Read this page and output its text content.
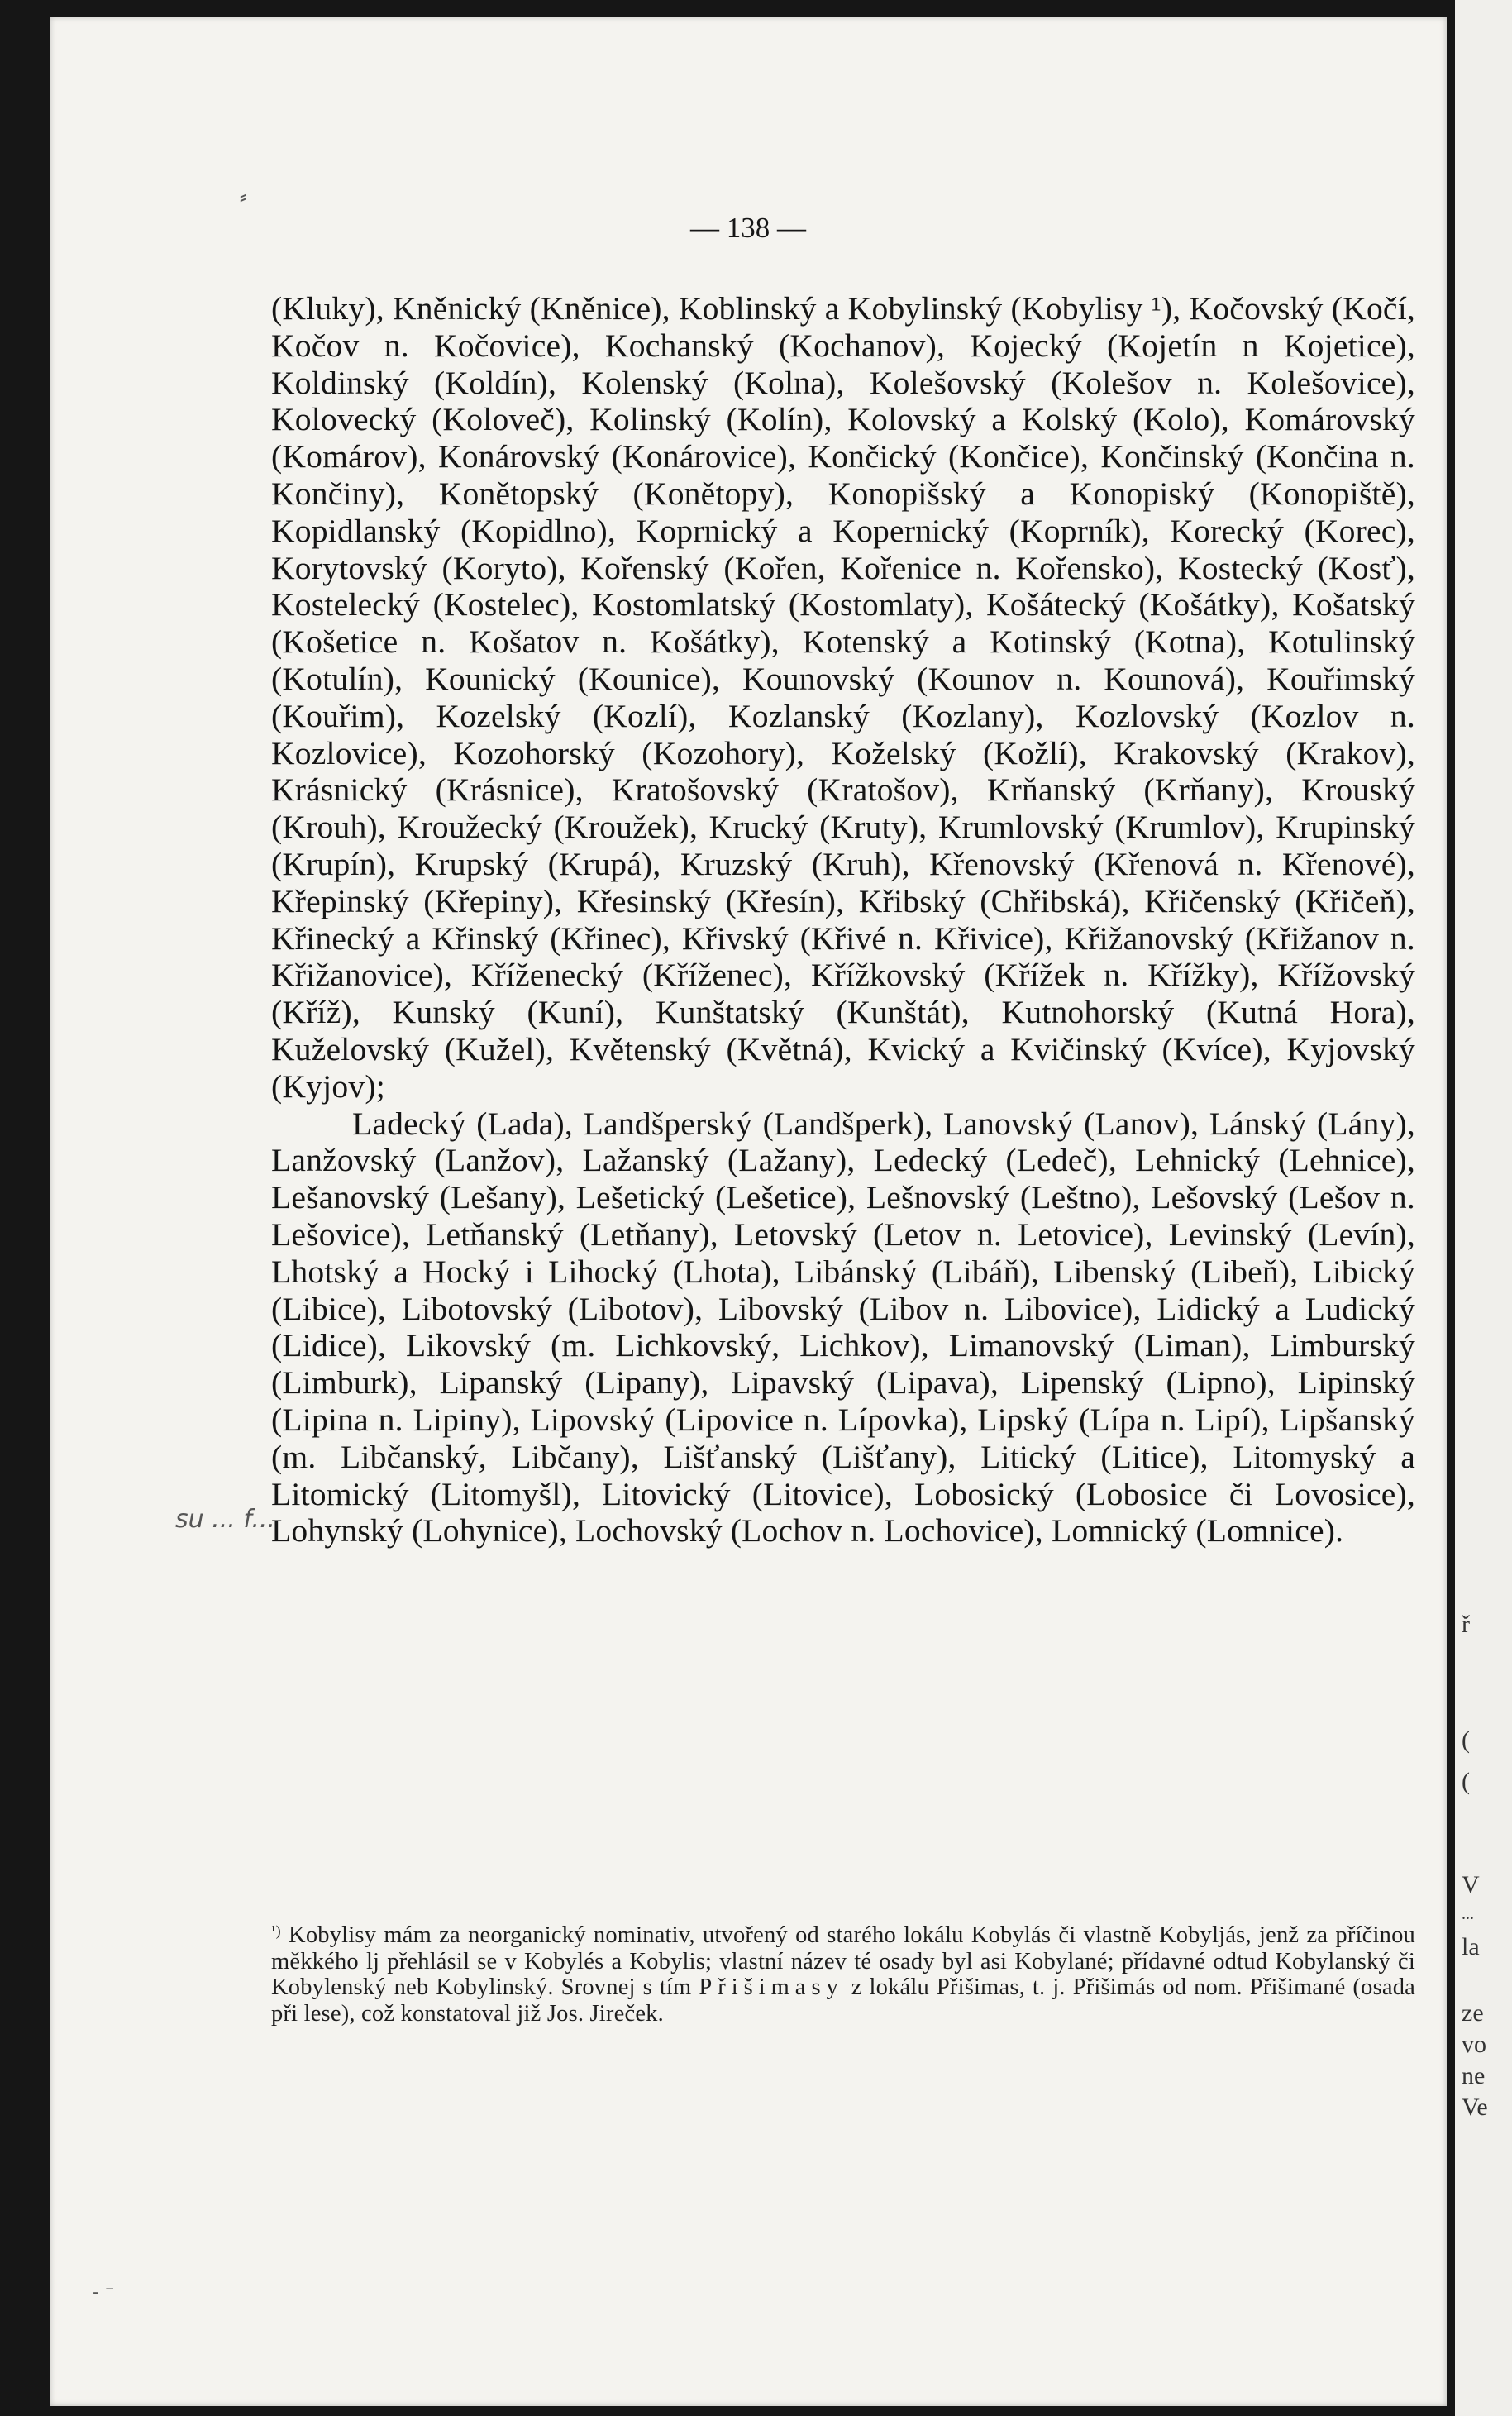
⸗
— 138 —

(Kluky), Kněnický (Kněnice), Koblinský a Kobylinský (Kobylisy ¹), Kočovský (Kočí, Kočov n. Kočovice), Kochanský (Kochanov), Kojecký (Kojetín n Kojetice), Koldinský (Koldín), Kolenský (Kolna), Kolešovský (Kolešov n. Kolešovice), Kolovecký (Koloveč), Kolinský (Kolín), Kolovský a Kolský (Kolo), Komárovský (Komárov), Konárovský (Konárovice), Končický (Končice), Končinský (Končina n. Končiny), Konětopský (Konětopy), Konopišský a Konopiský (Konopiště), Kopidlanský (Kopidlno), Koprnický a Kopernický (Koprník), Korecký (Korec), Korytovský (Koryto), Kořenský (Kořen, Kořenice n. Kořensko), Kostecký (Kosť), Kostelecký (Kostelec), Kostomlatský (Kostomlaty), Košátecký (Košátky), Košatský (Košetice n. Košatov n. Košátky), Kotenský a Kotinský (Kotna), Kotulinský (Kotulín), Kounický (Kounice), Kounovský (Kounov n. Kounová), Kouřimský (Kouřim), Kozelský (Kozlí), Kozlanský (Kozlany), Kozlovský (Kozlov n. Kozlovice), Kozohorský (Kozohory), Koželský (Kožlí), Krakovský (Krakov), Krásnický (Krásnice), Kratošovský (Kratošov), Krňanský (Krňany), Krouský (Krouh), Kroužecký (Kroužek), Krucký (Kruty), Krumlovský (Krumlov), Krupinský (Krupín), Krupský (Krupá), Kruzský (Kruh), Křenovský (Křenová n. Křenové), Křepinský (Křepiny), Křesinský (Křesín), Křibský (Chřibská), Křičenský (Křičeň), Křinecký a Křinský (Křinec), Křivský (Křivé n. Křivice), Křižanovský (Křižanov n. Křižanovice), Kříženecký (Kříženec), Křížkovský (Křížek n. Křížky), Křížovský (Kříž), Kunský (Kuní), Kunštatský (Kunštát), Kutnohorský (Kutná Hora), Kuželovský (Kužel), Květenský (Květná), Kvický a Kvičinský (Kvíce), Kyjovský (Kyjov);

Ladecký (Lada), Landšperský (Landšperk), Lanovský (Lanov), Lánský (Lány), Lanžovský (Lanžov), Lažanský (Lažany), Ledecký (Ledeč), Lehnický (Lehnice), Lešanovský (Lešany), Lešetický (Lešetice), Lešnovský (Leštno), Lešovský (Lešov n. Lešovice), Letňanský (Letňany), Letovský (Letov n. Letovice), Levinský (Levín), Lhotský a Hocký i Lihocký (Lhota), Libánský (Libáň), Libenský (Libeň), Libický (Libice), Libotovský (Libotov), Libovský (Libov n. Libovice), Lidický a Ludický (Lidice), Likovský (m. Lichkovský, Lichkov), Limanovský (Liman), Limburský (Limburk), Lipanský (Lipany), Lipavský (Lipava), Lipenský (Lipno), Lipinský (Lipina n. Lipiny), Lipovský (Lipovice n. Lípovka), Lipský (Lípa n. Lipí), Lipšanský (m. Libčanský, Libčany), Lišťanský (Lišťany), Litický (Litice), Litomyský a Litomický (Litomyšl), Litovický (Litovice), Lobosický (Lobosice či Lovosice), Lohynský (Lohynice), Lochovský (Lochov n. Lochovice), Lomnický (Lomnice).

su ... f...
$^{^1)}$ Kobylisy mám za neorganický nominativ, utvořený od starého lokálu Kobylás či vlastně Kobyljás, jenž za příčinou měkkého lj přehlásil se v Kobylés a Kobylis; vlastní název té osady byl asi Kobylané; přídavné odtud Kobylanský či Kobylenský neb Kobylinský. Srovnej s tím Přišimasy z lokálu Přišimas, t. j. Přišimás od nom. Přišimané (osada při lese), což konstatoval již Jos. Jireček.
- ⁻
ř
(
(
V
...
la
ze
vo
ne
Ve
